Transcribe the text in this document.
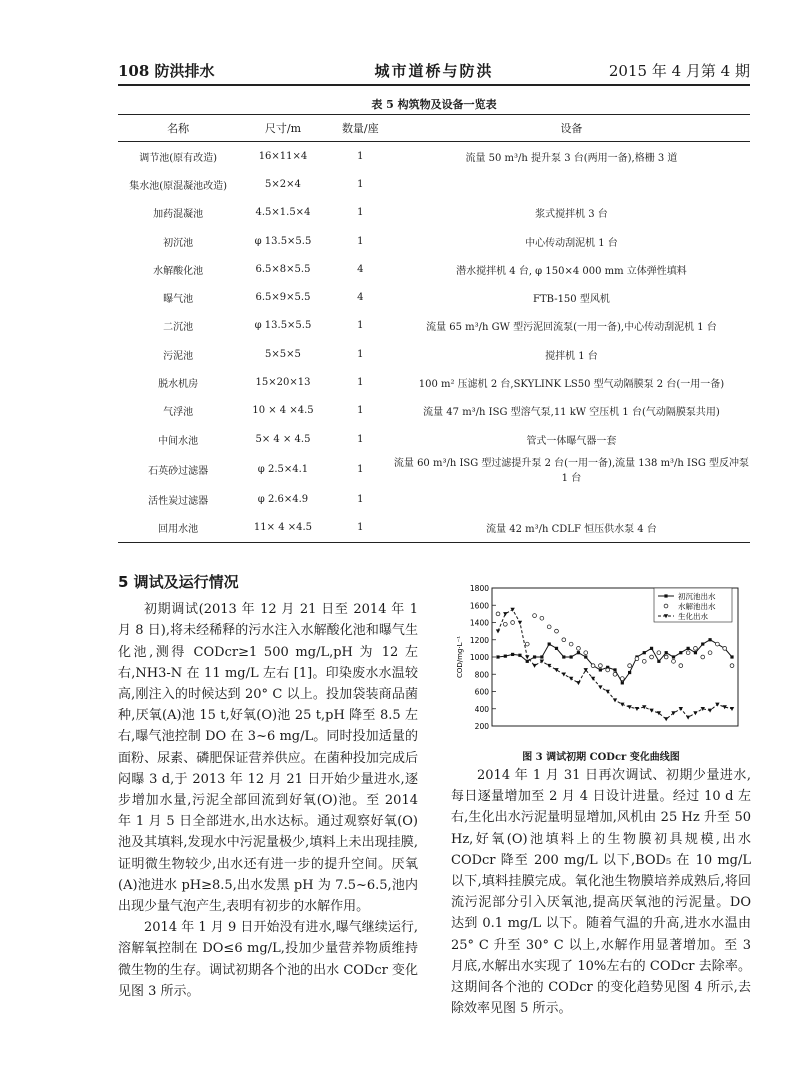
108 防洪排水	城市道桥与防洪	2015 年 4 月第 4 期
表 5 构筑物及设备一览表
名称	尺寸/m	数量/座	设备
调节池(原有改造)	16×11×4	1	流量 50 m³/h 提升泵 3 台(两用一备),格栅 3 道
集水池(原混凝池改造)	5×2×4	1	
加药混凝池	4.5×1.5×4	1	浆式搅拌机 3 台
初沉池	φ 13.5×5.5	1	中心传动刮泥机 1 台
水解酸化池	6.5×8×5.5	4	潜水搅拌机 4 台, φ 150×4 000 mm 立体弹性填料
曝气池	6.5×9×5.5	4	FTB-150 型风机
二沉池	φ 13.5×5.5	1	流量 65 m³/h GW 型污泥回流泵(一用一备),中心传动刮泥机 1 台
污泥池	5×5×5	1	搅拌机 1 台
脱水机房	15×20×13	1	100 m² 压滤机 2 台,SKYLINK LS50 型气动隔膜泵 2 台(一用一备)
气浮池	10 × 4 ×4.5	1	流量 47 m³/h ISG 型溶气泵,11 kW 空压机 1 台(气动隔膜泵共用)
中间水池	5× 4 × 4.5	1	管式一体曝气器一套
石英砂过滤器	φ 2.5×4.1	1	流量 60 m³/h ISG 型过滤提升泵 2 台(一用一备),流量 138 m³/h ISG 型反冲泵 1 台
活性炭过滤器	φ 2.6×4.9	1	
回用水池	11× 4 ×4.5	1	流量 42 m³/h CDLF 恒压供水泵 4 台
5 调试及运行情况

初期调试(2013 年 12 月 21 日至 2014 年 1 月 8 日),将未经稀释的污水注入水解酸化池和曝气生化池,测得 CODcr≥1 500 mg/L,pH 为 12 左右,NH3-N 在 11 mg/L 左右 [1]。印染废水水温较高,刚注入的时候达到 20° C 以上。投加袋装商品菌种,厌氧(A)池 15 t,好氧(O)池 25 t,pH 降至 8.5 左右,曝气池控制 DO 在 3~6 mg/L。同时投加适量的面粉、尿素、磷肥保证营养供应。在菌种投加完成后闷曝 3 d,于 2013 年 12 月 21 日开始少量进水,逐步增加水量,污泥全部回流到好氧(O)池。至 2014 年 1 月 5 日全部进水,出水达标。通过观察好氧(O)池及其填料,发现水中污泥量极少,填料上未出现挂膜,证明微生物较少,出水还有进一步的提升空间。厌氧(A)池进水 pH≥8.5,出水发黑 pH 为 7.5~6.5,池内出现少量气泡产生,表明有初步的水解作用。

2014 年 1 月 9 日开始没有进水,曝气继续运行,溶解氧控制在 DO≤6 mg/L,投加少量营养物质维持微生物的生存。调试初期各个池的出水 CODcr 变化见图 3 所示。

200
400
600
800
1000
1200
1400
1600
1800
COD/mg·L⁻¹
初沉池出水
水解池出水
生化出水
图 3 调试初期 CODcr 变化曲线图

2014 年 1 月 31 日再次调试、初期少量进水,每日逐量增加至 2 月 4 日设计进量。经过 10 d 左右,生化出水污泥量明显增加,风机由 25 Hz 升至 50 Hz,好氧(O)池填料上的生物膜初具规模,出水 CODcr 降至 200 mg/L 以下,BOD₅ 在 10 mg/L 以下,填料挂膜完成。氧化池生物膜培养成熟后,将回流污泥部分引入厌氧池,提高厌氧池的污泥量。DO 达到 0.1 mg/L 以下。随着气温的升高,进水水温由 25° C 升至 30° C 以上,水解作用显著增加。至 3 月底,水解出水实现了 10%左右的 CODcr 去除率。这期间各个池的 CODcr 的变化趋势见图 4 所示,去除效率见图 5 所示。
